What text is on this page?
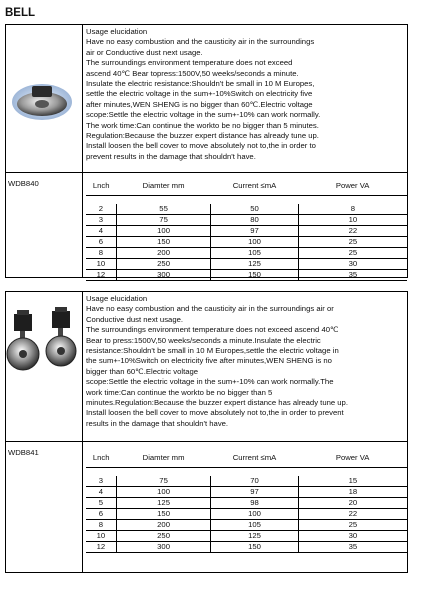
BELL
Usage elucidation
Have no easy combustion and the causticity air in the surroundings
air or Conductive dust next usage.
The surroundings environment temperature does not exceed
ascend 40℃ Bear topress:1500V,50 weeks/seconds a minute.
Insulate the electric resistance:Shouldn't be small in 10 M Europes,
settle the electric voltage in the sum+-10%Switch on electricity five
after minutes,WEN SHENG is no bigger than 60℃.Electric voltage
scope:Settle the electric voltage in the sum+-10% can work normally.
The work time:Can continue the workto be no bigger than 5 minutes.
Regulation:Because the buzzer expert distance has already tune up.
Install loosen the bell cover to move absolutely not to,the in order to
prevent results in the damage that shouldn't have.
WDB840	Lnch	Diamter mm	Current ≤mA	Power VA

2	55	50	8
3	75	80	10
4	100	97	22
6	150	100	25
8	200	105	25
10	250	125	30
12	300	150	35
Usage elucidation
Have no easy combustion and the causticity air in the surroundings air or
Conductive dust next usage.
The surroundings environment temperature does not exceed ascend 40℃
Bear to press:1500V,50 weeks/seconds a minute.Insulate the electric
resistance:Shouldn't be small in 10 M Europes,settle the electric voltage in
the sum+-10%Switch on electricity five after minutes,WEN SHENG is no
bigger than 60℃.Electric voltage
scope:Settle the electric voltage in the sum+-10% can work normally.The
work time:Can continue the workto be no bigger than 5
minutes.Regulation:Because the buzzer expert distance has already tune up.
Install loosen the bell cover to move absolutely not to,the in order to prevent
results in the damage that shouldn't have.
WDB841
Lnch	Diamter mm	Current ≤mA	Power VA

3	75	70	15
4	100	97	18
5	125	98	20
6	150	100	22
8	200	105	25
10	250	125	30
12	300	150	35
